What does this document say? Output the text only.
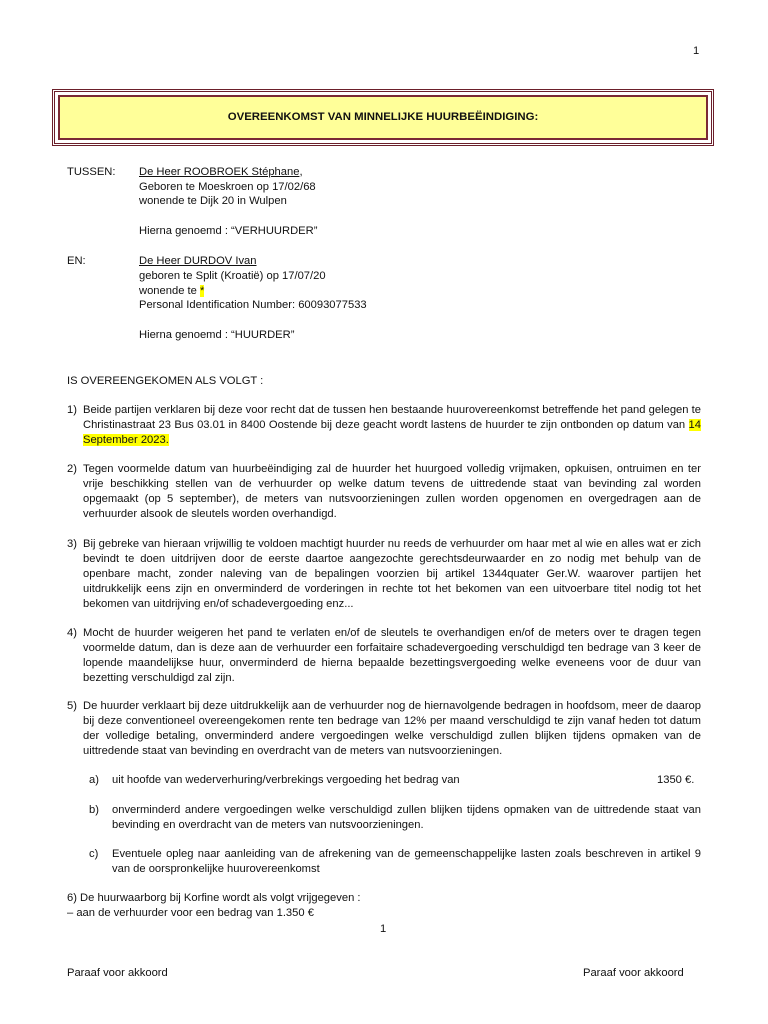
1
OVEREENKOMST VAN MINNELIJKE HUURBEËINDIGING:
TUSSEN: De Heer ROOBROEK Stéphane,
Geboren te Moeskroen op 17/02/68
wonende te Dijk 20 in Wulpen
Hierna genoemd : “VERHUURDER”
EN:	De Heer DURDOV Ivan
geboren te Split (Kroatië) op 17/07/20
wonende te *
Personal Identification Number: 60093077533
Hierna genoemd : “HUURDER”
IS OVEREENGEKOMEN ALS VOLGT :
1) Beide partijen verklaren bij deze voor recht dat de tussen hen bestaande huurovereenkomst betreffende het pand gelegen te Christinastraat 23 Bus 03.01 in 8400 Oostende bij deze geacht wordt lastens de huurder te zijn ontbonden op datum van 14 September 2023.
2) Tegen voormelde datum van huurbeëindiging zal de huurder het huurgoed volledig vrijmaken, opkuisen, ontruimen en ter vrije beschikking stellen van de verhuurder op welke datum tevens de uittredende staat van bevinding zal worden opgemaakt (op 5 september), de meters van nutsvoorzieningen zullen worden opgenomen en overgedragen aan de verhuurder alsook de sleutels worden overhandigd.
3) Bij gebreke van hieraan vrijwillig te voldoen machtigt huurder nu reeds de verhuurder om haar met al wie en alles wat er zich bevindt te doen uitdrijven door de eerste daartoe aangezochte gerechtsdeurwaarder en zo nodig met behulp van de openbare macht, zonder naleving van de bepalingen voorzien bij artikel 1344quater Ger.W. waarover partijen het uitdrukkelijk eens zijn en onverminderd de vorderingen in rechte tot het bekomen van een uitvoerbare titel nodig tot het bekomen van uitdrijving en/of schadevergoeding enz...
4) Mocht de huurder weigeren het pand te verlaten en/of de sleutels te overhandigen en/of de meters over te dragen tegen voormelde datum, dan is deze aan de verhuurder een forfaitaire schadevergoeding verschuldigd ten bedrage van 3 keer de lopende maandelijkse huur, onverminderd de hierna bepaalde bezettingsvergoeding welke eveneens voor de duur van bezetting verschuldigd zal zijn.
5) De huurder verklaart bij deze uitdrukkelijk aan de verhuurder nog de hiernavolgende bedragen in hoofdsom, meer de daarop bij deze conventioneel overeengekomen rente ten bedrage van 12% per maand verschuldigd te zijn vanaf heden tot datum der volledige betaling, onverminderd andere vergoedingen welke verschuldigd zullen blijken tijdens opmaken van de uittredende staat van bevinding en overdracht van de meters van nutsvoorzieningen.
a) uit hoofde van wederverhuring/verbrekings vergoeding het bedrag van	1350 €.
b) onverminderd andere vergoedingen welke verschuldigd zullen blijken tijdens opmaken van de uittredende staat van bevinding en overdracht van de meters van nutsvoorzieningen.
c) Eventuele opleg naar aanleiding van de afrekening van de gemeenschappelijke lasten zoals beschreven in artikel 9 van de oorspronkelijke huurovereenkomst
6) De huurwaarborg bij Korfine wordt als volgt vrijgegeven :
– aan de verhuurder voor een bedrag van 1.350 €
1
Paraaf voor akkoord	Paraaf voor akkoord
